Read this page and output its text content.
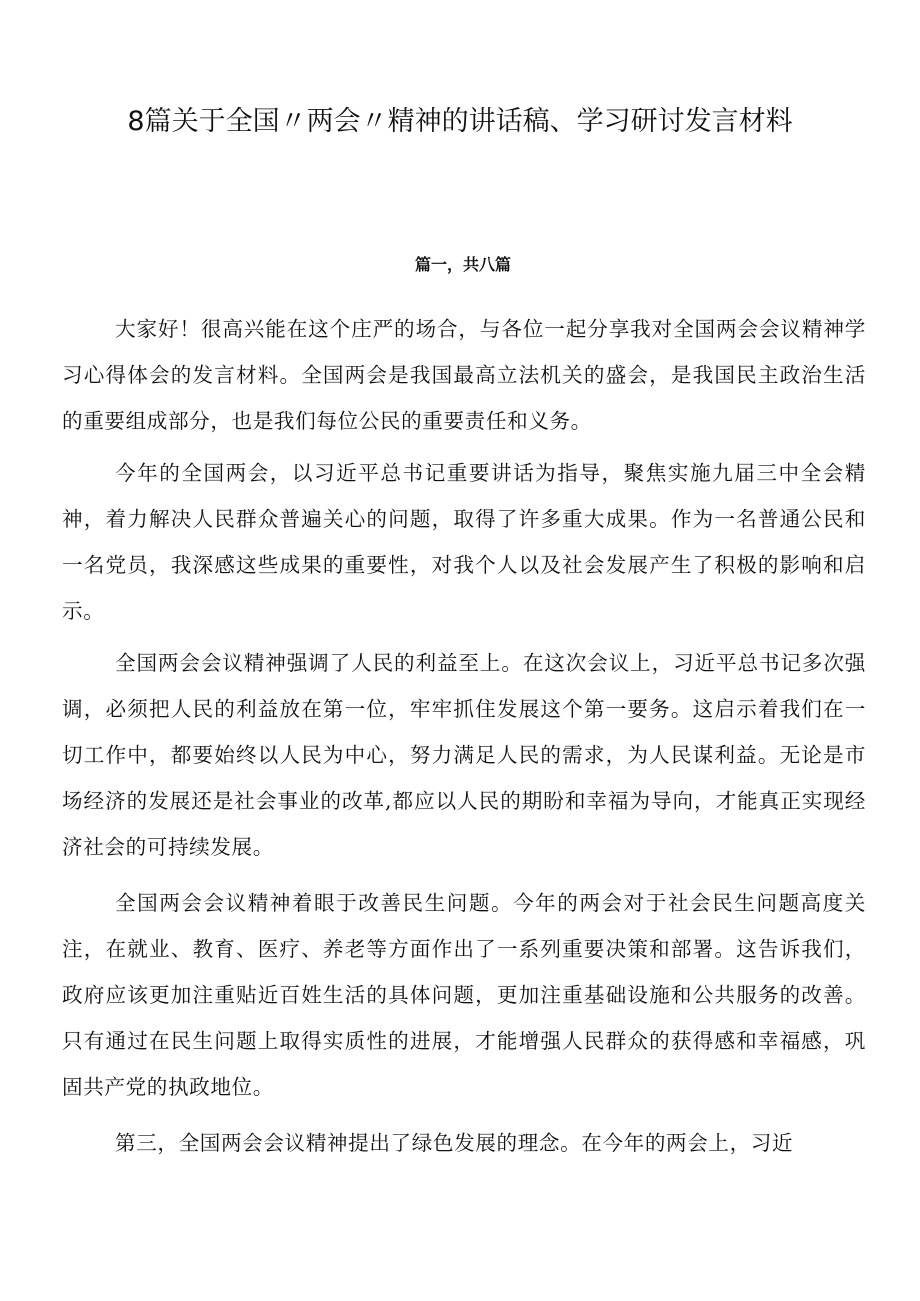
8篇关于全国〃两会〃精神的讲话稿、学习研讨发言材料
篇一，共八篇

大家好！很高兴能在这个庄严的场合，与各位一起分享我对全国两会会议精神学习心得体会的发言材料。全国两会是我国最高立法机关的盛会，是我国民主政治生活的重要组成部分，也是我们每位公民的重要责任和义务。

今年的全国两会，以习近平总书记重要讲话为指导，聚焦实施九届三中全会精神，着力解决人民群众普遍关心的问题，取得了许多重大成果。作为一名普通公民和一名党员，我深感这些成果的重要性，对我个人以及社会发展产生了积极的影响和启示。

全国两会会议精神强调了人民的利益至上。在这次会议上，习近平总书记多次强调，必须把人民的利益放在第一位，牢牢抓住发展这个第一要务。这启示着我们在一切工作中，都要始终以人民为中心，努力满足人民的需求，为人民谋利益。无论是市场经济的发展还是社会事业的改革,都应以人民的期盼和幸福为导向，才能真正实现经济社会的可持续发展。

全国两会会议精神着眼于改善民生问题。今年的两会对于社会民生问题高度关注，在就业、教育、医疗、养老等方面作出了一系列重要决策和部署。这告诉我们，政府应该更加注重贴近百姓生活的具体问题，更加注重基础设施和公共服务的改善。只有通过在民生问题上取得实质性的进展，才能增强人民群众的获得感和幸福感，巩固共产党的执政地位。

第三，全国两会会议精神提出了绿色发展的理念。在今年的两会上，习近
